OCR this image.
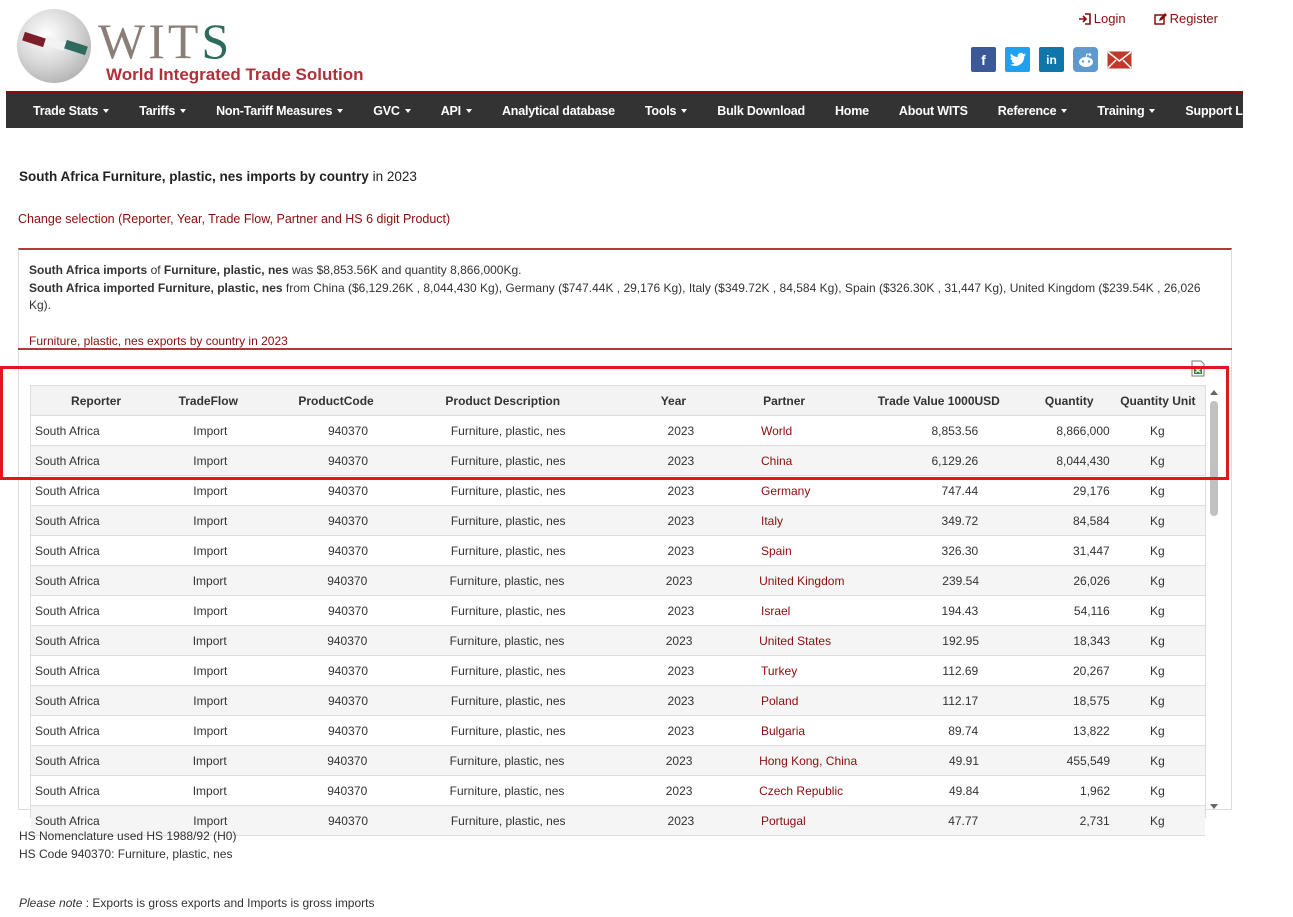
WITS
World Integrated Trade Solution
Login	Register
f	in
Trade Stats	Tariffs	Non-Tariff Measures	GVC	API	Analytical database Tools	Bulk Download Home About WITS Reference	Training	Support Links
South Africa Furniture, plastic, nes imports by country in 2023
Change selection (Reporter, Year, Trade Flow, Partner and HS 6 digit Product)
South Africa imports of Furniture, plastic, nes was $8,853.56K and quantity 8,866,000Kg.
South Africa imported Furniture, plastic, nes from China ($6,129.26K , 8,044,430 Kg), Germany ($747.44K , 29,176 Kg), Italy ($349.72K , 84,584 Kg), Spain ($326.30K , 31,447 Kg), United Kingdom ($239.54K , 26,026 Kg).
Furniture, plastic, nes exports by country in 2023
Reporter	TradeFlow	ProductCode	Product Description	Year	Partner	Trade Value 1000USD	Quantity	Quantity Unit
South Africa	Import	940370	Furniture, plastic, nes	2023	World	8,853.56	8,866,000	Kg
South Africa	Import	940370	Furniture, plastic, nes	2023	China	6,129.26	8,044,430	Kg
South Africa	Import	940370	Furniture, plastic, nes	2023	Germany	747.44	29,176	Kg
South Africa	Import	940370	Furniture, plastic, nes	2023	Italy	349.72	84,584	Kg
South Africa	Import	940370	Furniture, plastic, nes	2023	Spain	326.30	31,447	Kg
South Africa	Import	940370	Furniture, plastic, nes	2023	United Kingdom	239.54	26,026	Kg
South Africa	Import	940370	Furniture, plastic, nes	2023	Israel	194.43	54,116	Kg
South Africa	Import	940370	Furniture, plastic, nes	2023	United States	192.95	18,343	Kg
South Africa	Import	940370	Furniture, plastic, nes	2023	Turkey	112.69	20,267	Kg
South Africa	Import	940370	Furniture, plastic, nes	2023	Poland	112.17	18,575	Kg
South Africa	Import	940370	Furniture, plastic, nes	2023	Bulgaria	89.74	13,822	Kg
South Africa	Import	940370	Furniture, plastic, nes	2023	Hong Kong, China	49.91	455,549	Kg
South Africa	Import	940370	Furniture, plastic, nes	2023	Czech Republic	49.84	1,962	Kg
South Africa	Import	940370	Furniture, plastic, nes	2023	Portugal	47.77	2,731	Kg
HS Nomenclature used HS 1988/92 (H0)
HS Code 940370: Furniture, plastic, nes
Please note : Exports is gross exports and Imports is gross imports
